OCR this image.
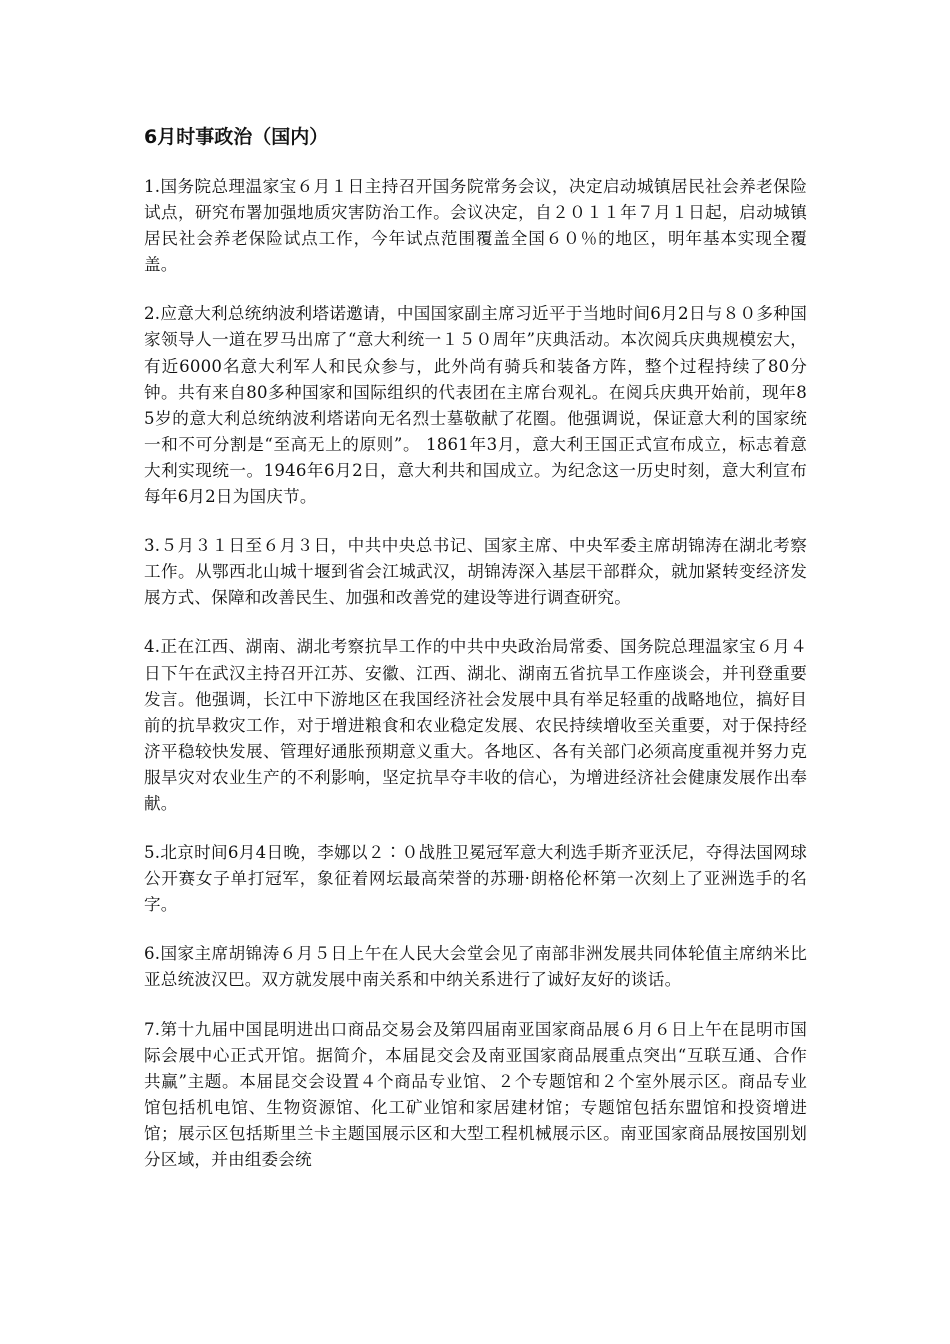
6月时事政治（国内）

1.国务院总理温家宝６月１日主持召开国务院常务会议，决定启动城镇居民社会养老保险试点，研究布署加强地质灾害防治工作。会议决定，自２０１１年７月１日起，启动城镇居民社会养老保险试点工作，今年试点范围覆盖全国６０％的地区，明年基本实现全覆盖。

2.应意大利总统纳波利塔诺邀请，中国国家副主席习近平于当地时间6月2日与８０多种国家领导人一道在罗马出席了“意大利统一１５０周年”庆典活动。本次阅兵庆典规模宏大，有近6000名意大利军人和民众参与，此外尚有骑兵和装备方阵，整个过程持续了80分钟。共有来自80多种国家和国际组织的代表团在主席台观礼。在阅兵庆典开始前，现年85岁的意大利总统纳波利塔诺向无名烈士墓敬献了花圈。他强调说，保证意大利的国家统一和不可分割是“至高无上的原则”。 1861年3月，意大利王国正式宣布成立，标志着意大利实现统一。1946年6月2日，意大利共和国成立。为纪念这一历史时刻，意大利宣布每年6月2日为国庆节。

3.５月３１日至６月３日，中共中央总书记、国家主席、中央军委主席胡锦涛在湖北考察工作。从鄂西北山城十堰到省会江城武汉，胡锦涛深入基层干部群众，就加紧转变经济发展方式、保障和改善民生、加强和改善党的建设等进行调查研究。

4.正在江西、湖南、湖北考察抗旱工作的中共中央政治局常委、国务院总理温家宝６月４日下午在武汉主持召开江苏、安徽、江西、湖北、湖南五省抗旱工作座谈会，并刊登重要发言。他强调，长江中下游地区在我国经济社会发展中具有举足轻重的战略地位，搞好目前的抗旱救灾工作，对于增进粮食和农业稳定发展、农民持续增收至关重要，对于保持经济平稳较快发展、管理好通胀预期意义重大。各地区、各有关部门必须高度重视并努力克服旱灾对农业生产的不利影响，坚定抗旱夺丰收的信心，为增进经济社会健康发展作出奉献。

5.北京时间6月4日晚，李娜以２∶０战胜卫冕冠军意大利选手斯齐亚沃尼，夺得法国网球公开赛女子单打冠军，象征着网坛最高荣誉的苏珊·朗格伦杯第一次刻上了亚洲选手的名字。

6.国家主席胡锦涛６月５日上午在人民大会堂会见了南部非洲发展共同体轮值主席纳米比亚总统波汉巴。双方就发展中南关系和中纳关系进行了诚好友好的谈话。

7.第十九届中国昆明进出口商品交易会及第四届南亚国家商品展６月６日上午在昆明市国际会展中心正式开馆。据简介，本届昆交会及南亚国家商品展重点突出“互联互通、合作共赢”主题。本届昆交会设置４个商品专业馆、２个专题馆和２个室外展示区。商品专业馆包括机电馆、生物资源馆、化工矿业馆和家居建材馆；专题馆包括东盟馆和投资增进馆；展示区包括斯里兰卡主题国展示区和大型工程机械展示区。南亚国家商品展按国别划分区域，并由组委会统
